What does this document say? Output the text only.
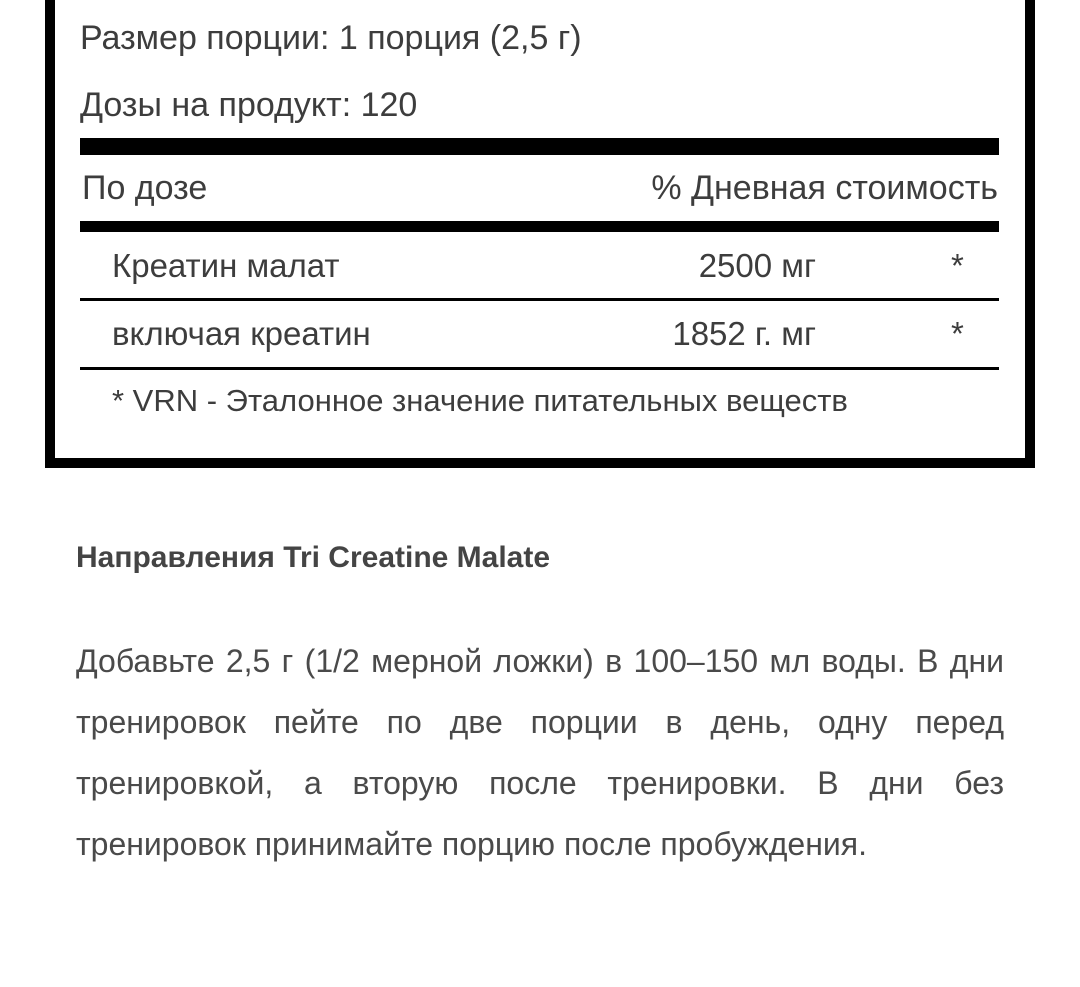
Размер порции: 1 порция (2,5 г)
Дозы на продукт: 120
По дозе	% Дневная стоимость
Креатин малат	2500 мг	*
включая креатин	1852 г. мг	*
* VRN - Эталонное значение питательных веществ
Направления Tri Creatine Malate

Добавьте 2,5 г (1/2 мерной ложки) в 100–150 мл воды. В дни тренировок пейте по две порции в день, одну перед тренировкой, а вторую после тренировки. В дни без тренировок принимайте порцию после пробуждения.
